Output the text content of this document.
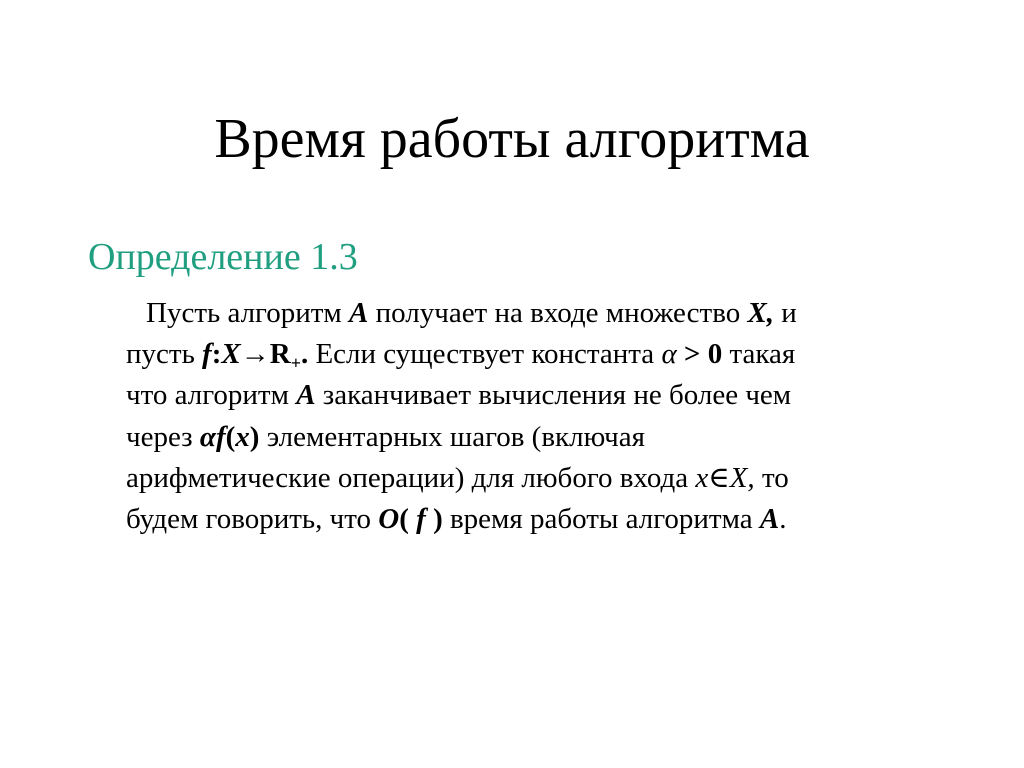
Время работы алгоритма
Определение 1.3
Пусть алгоритм A получает на входе множество X, и
пусть $f:X\to R_+$. Если существует константа α > 0 такая
что алгоритм A заканчивает вычисления не более чем
через αf(x) элементарных шагов (включая
арифметические операции) для любого входа x∈X, то
будем говорить, что O( f ) время работы алгоритма A.
